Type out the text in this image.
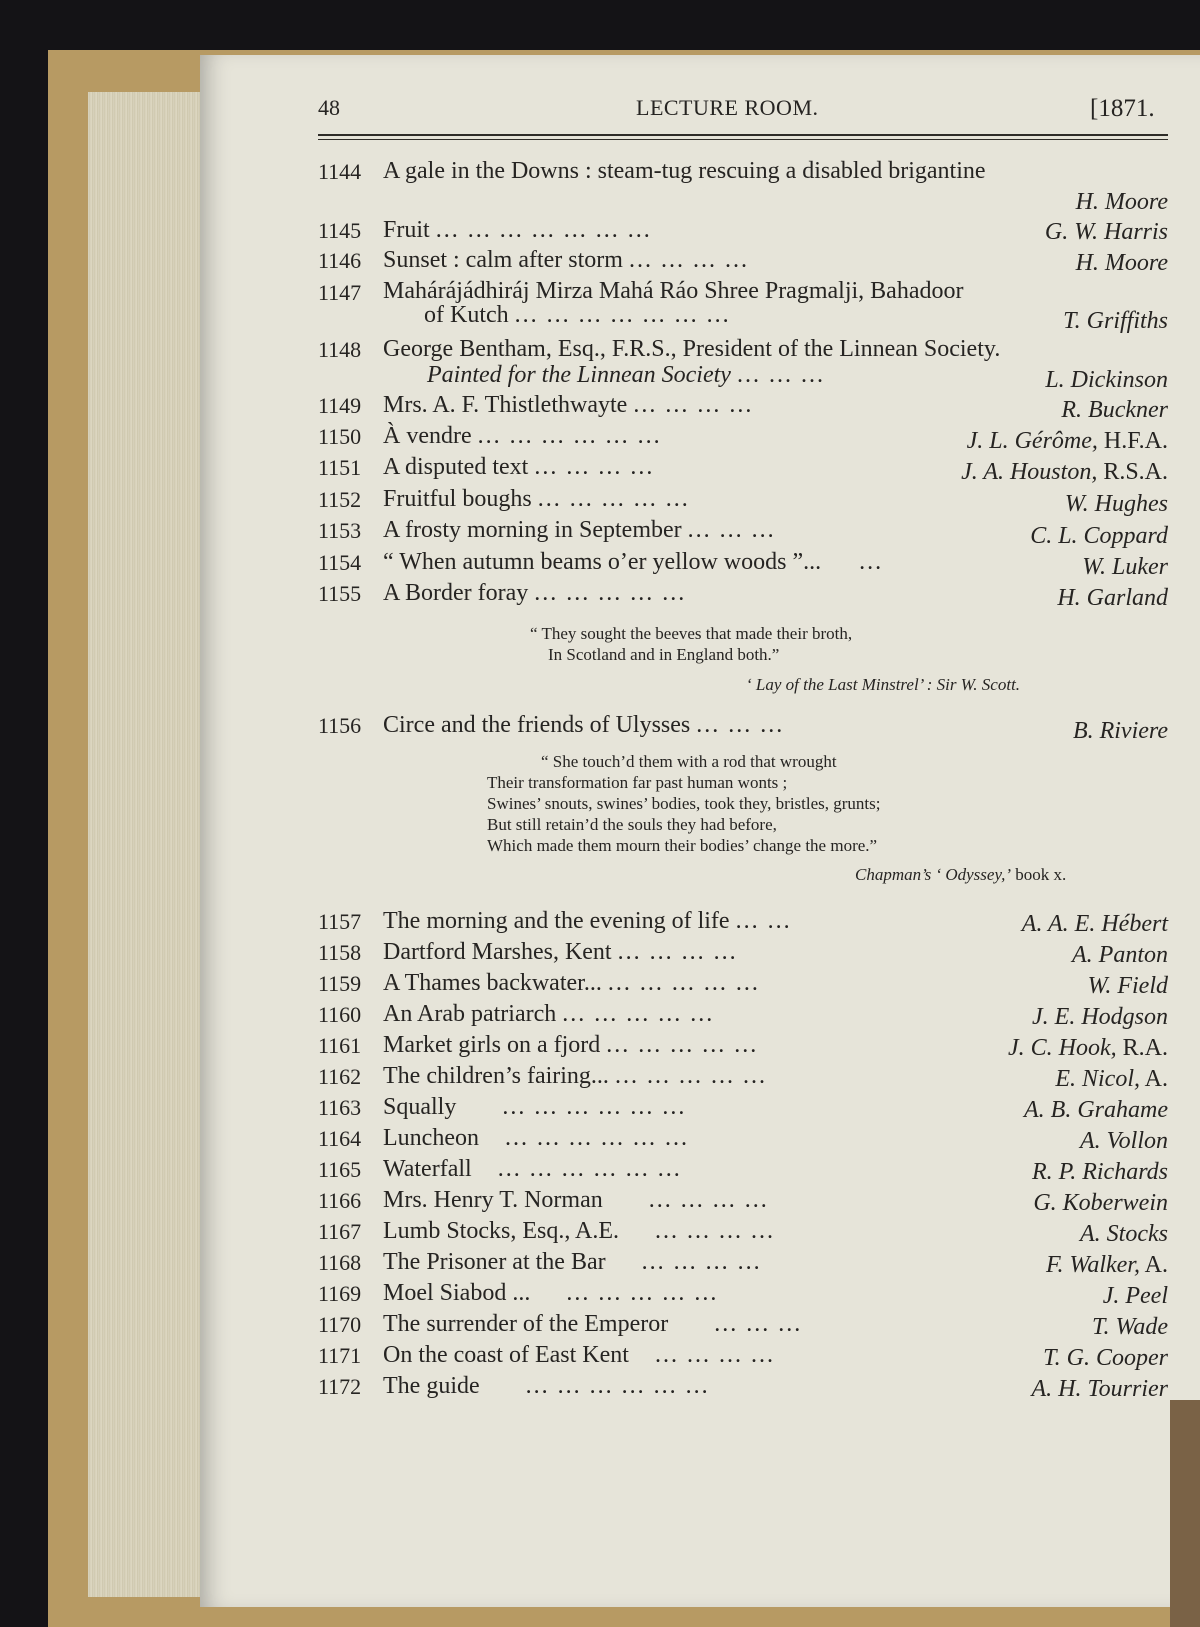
48	LECTURE ROOM.	[1871.
1144 A gale in the Downs : steam-tug rescuing a disabled brigantine
H. Moore
1145 Fruit ... ... ... ... ... ... ...	G. W. Harris
1146 Sunset : calm after storm ... ... ... ...	H. Moore
1147 Mahárájádhiráj Mirza Mahá Ráo Shree Pragmalji, Bahadoor
of Kutch ... ... ... ... ... ... ...	T. Griffiths
1148 George Bentham, Esq., F.R.S., President of the Linnean Society.
Painted for the Linnean Society ... ... ...	L. Dickinson
1149 Mrs. A. F. Thistlethwayte ... ... ... ...	R. Buckner
1150 À vendre ... ... ... ... ... ...	J. L. Gérôme, H.F.A.
1151 A disputed text ... ... ... ...	J. A. Houston, R.S.A.
1152 Fruitful boughs ... ... ... ... ...	W. Hughes
1153 A frosty morning in September ... ... ...	C. L. Coppard
1154 “ When autumn beams o’er yellow woods ”... ...	W. Luker
1155 A Border foray ... ... ... ... ...	H. Garland
“ They sought the beeves that made their broth,
In Scotland and in England both.”
‘ Lay of the Last Minstrel’ : Sir W. Scott.
1156 Circe and the friends of Ulysses ... ... ...	B. Riviere
“ She touch’d them with a rod that wrought
Their transformation far past human wonts ;
Swines’ snouts, swines’ bodies, took they, bristles, grunts;
But still retain’d the souls they had before,
Which made them mourn their bodies’ change the more.”
Chapman’s ‘ Odyssey,’ book x.
1157 The morning and the evening of life ... ...	A. A. E. Hébert
1158 Dartford Marshes, Kent ... ... ... ...	A. Panton
1159 A Thames backwater... ... ... ... ... ...	W. Field
1160 An Arab patriarch ... ... ... ... ...	J. E. Hodgson
1161 Market girls on a fjord ... ... ... ... ...	J. C. Hook, R.A.
1162 The children’s fairing... ... ... ... ... ...	E. Nicol, A.
1163 Squally ... ... ... ... ... ...	A. B. Grahame
1164 Luncheon ... ... ... ... ... ...	A. Vollon
1165 Waterfall ... ... ... ... ... ...	R. P. Richards
1166 Mrs. Henry T. Norman ... ... ... ...	G. Koberwein
1167 Lumb Stocks, Esq., A.E. ... ... ... ...	A. Stocks
1168 The Prisoner at the Bar ... ... ... ...	F. Walker, A.
1169 Moel Siabod ... ... ... ... ... ...	J. Peel
1170 The surrender of the Emperor ... ... ...	T. Wade
1171 On the coast of East Kent ... ... ... ...	T. G. Cooper
1172 The guide ... ... ... ... ... ...	A. H. Tourrier
